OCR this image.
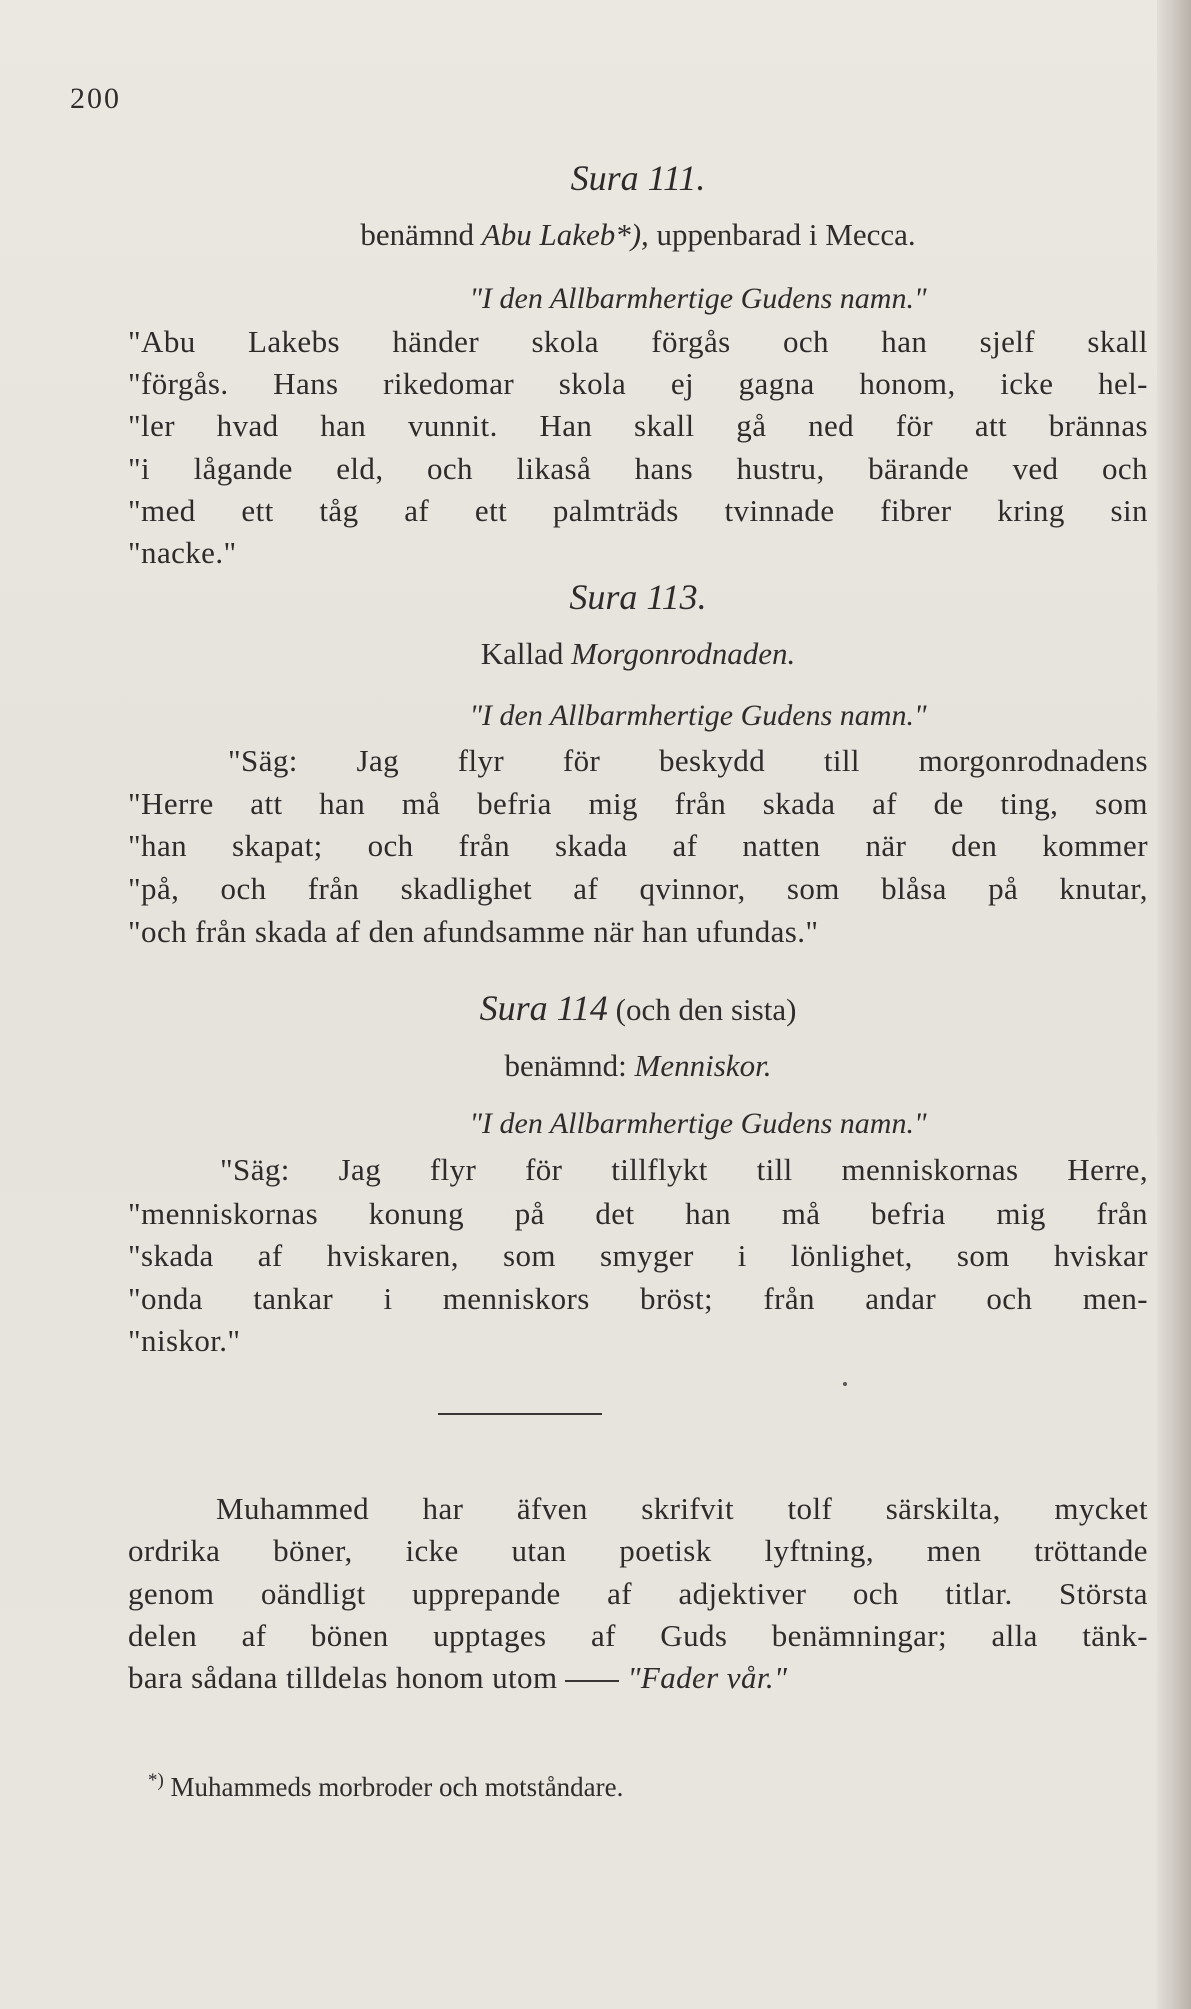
200
Sura 111.
benämnd Abu Lakeb*), uppenbarad i Mecca.
"I den Allbarmhertige Gudens namn."
"Abu Lakebs händer skola förgås och han sjelf skall
"förgås. Hans rikedomar skola ej gagna honom, icke hel-
"ler hvad han vunnit. Han skall gå ned för att brännas
"i lågande eld, och likaså hans hustru, bärande ved och
"med ett tåg af ett palmträds tvinnade fibrer kring sin
"nacke."
Sura 113.
Kallad Morgonrodnaden.
"I den Allbarmhertige Gudens namn."
"Säg: Jag flyr för beskydd till morgonrodnadens
"Herre att han må befria mig från skada af de ting, som
"han skapat; och från skada af natten när den kommer
"på, och från skadlighet af qvinnor, som blåsa på knutar,
"och från skada af den afundsamme när han ufundas."
Sura 114 (och den sista)
benämnd: Menniskor.
"I den Allbarmhertige Gudens namn."
"Säg: Jag flyr för tillflykt till menniskornas Herre,
"menniskornas konung på det han må befria mig från
"skada af hviskaren, som smyger i lönlighet, som hviskar
"onda tankar i menniskors bröst; från andar och men-
"niskor."
Muhammed har äfven skrifvit tolf särskilta, mycket
ordrika böner, icke utan poetisk lyftning, men tröttande
genom oändligt upprepande af adjektiver och titlar. Största
delen af bönen upptages af Guds benämningar; alla tänk-
bara sådana tilldelas honom utom "Fader vår."
*) Muhammeds morbroder och motståndare.
